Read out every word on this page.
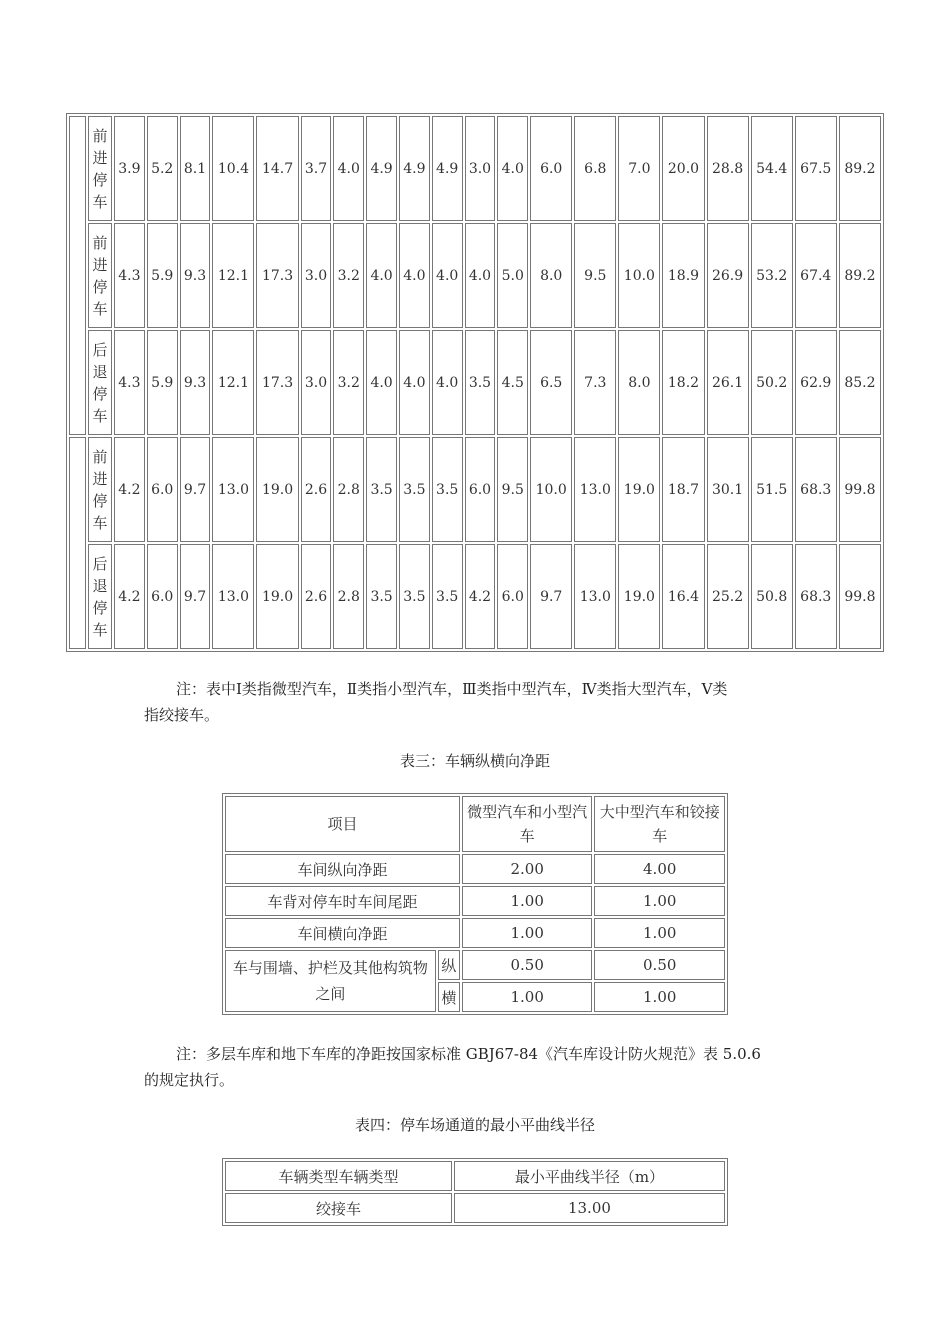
	前
进
停
车	3.9	5.2	8.1	10.4	14.7	3.7	4.0	4.9	4.9	4.9	3.0	4.0	6.0	6.8	7.0	20.0	28.8	54.4	67.5	89.2

	前
进
停
车	4.3	5.9	9.3	12.1	17.3	3.0	3.2	4.0	4.0	4.0	4.0	5.0	8.0	9.5	10.0	18.9	26.9	53.2	67.4	89.2

	后
退
停
车	4.3	5.9	9.3	12.1	17.3	3.0	3.2	4.0	4.0	4.0	3.5	4.5	6.5	7.3	8.0	18.2	26.1	50.2	62.9	85.2

	前
进
停
车	4.2	6.0	9.7	13.0	19.0	2.6	2.8	3.5	3.5	3.5	6.0	9.5	10.0	13.0	19.0	18.7	30.1	51.5	68.3	99.8

	后
退
停
车	4.2	6.0	9.7	13.0	19.0	2.6	2.8	3.5	3.5	3.5	4.2	6.0	9.7	13.0	19.0	16.4	25.2	50.8	68.3	99.8
注：表中Ⅰ类指微型汽车，Ⅱ类指小型汽车，Ⅲ类指中型汽车，Ⅳ类指大型汽车，Ⅴ类
指绞接车。
表三：车辆纵横向净距
项目		微型汽车和小型汽车	大中型汽车和铰接车
车间纵向净距		2.00	4.00
车背对停车时车间尾距		1.00	1.00
车间横向净距		1.00	1.00
车与围墙、护栏及其他构筑物之间	纵	0.50	0.50
	横	1.00	1.00
注：多层车库和地下车库的净距按国家标准 GBJ67-84《汽车库设计防火规范》表 5.0.6
的规定执行。
表四：停车场通道的最小平曲线半径
车辆类型车辆类型	最小平曲线半径（m）
绞接车	13.00
